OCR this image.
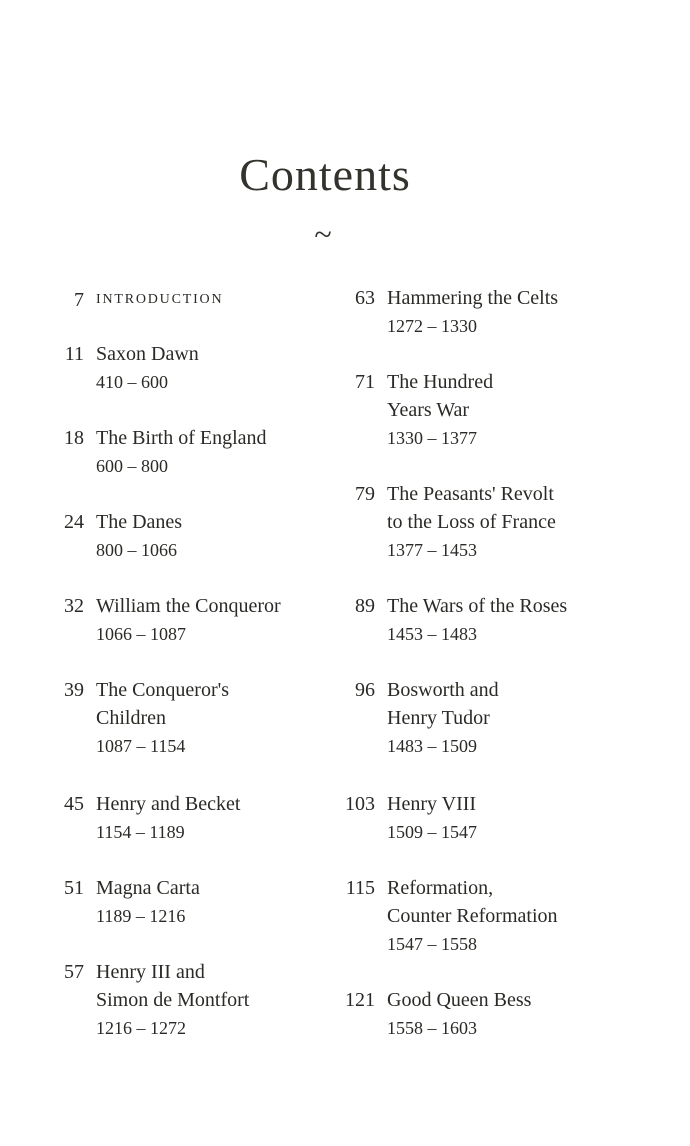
Contents
~
7 INTRODUCTION
11 Saxon Dawn
410 – 600
18 The Birth of England
600 – 800
24 The Danes
800 – 1066
32 William the Conqueror
1066 – 1087
39 The Conqueror's
Children
1087 – 1154
45 Henry and Becket
1154 – 1189
51 Magna Carta
1189 – 1216
57 Henry III and
Simon de Montfort
1216 – 1272
63 Hammering the Celts
1272 – 1330
71 The Hundred
Years War
1330 – 1377
79 The Peasants' Revolt
to the Loss of France
1377 – 1453
89 The Wars of the Roses
1453 – 1483
96 Bosworth and
Henry Tudor
1483 – 1509
103 Henry VIII
1509 – 1547
115 Reformation,
Counter Reformation
1547 – 1558
121 Good Queen Bess
1558 – 1603
